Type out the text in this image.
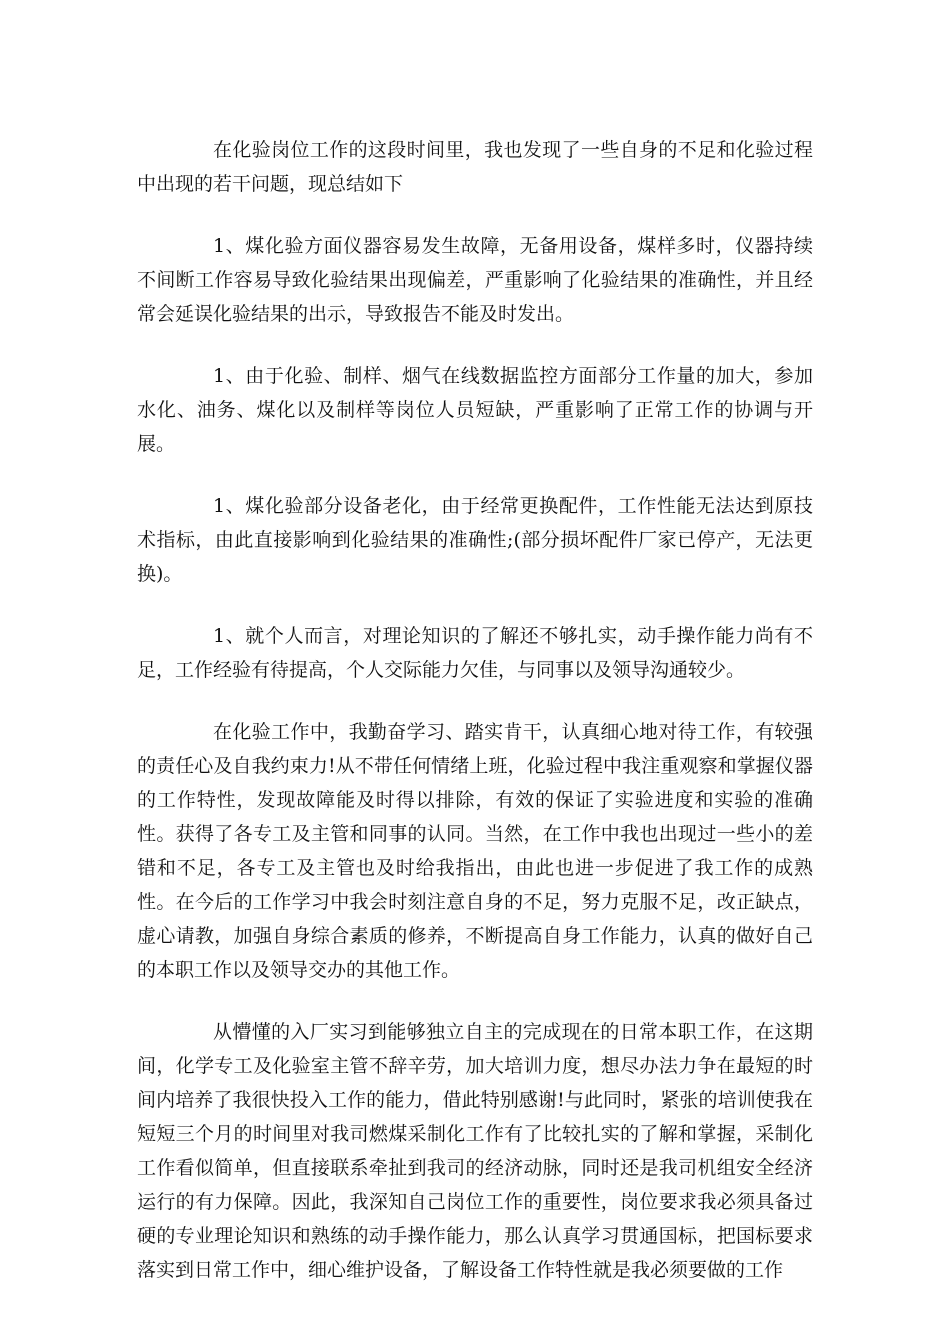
在化验岗位工作的这段时间里，我也发现了一些自身的不足和化验过程中出现的若干问题，现总结如下

1、煤化验方面仪器容易发生故障，无备用设备，煤样多时，仪器持续不间断工作容易导致化验结果出现偏差，严重影响了化验结果的准确性，并且经常会延误化验结果的出示，导致报告不能及时发出。

1、由于化验、制样、烟气在线数据监控方面部分工作量的加大，参加水化、油务、煤化以及制样等岗位人员短缺，严重影响了正常工作的协调与开展。

1、煤化验部分设备老化，由于经常更换配件，工作性能无法达到原技术指标，由此直接影响到化验结果的准确性;(部分损坏配件厂家已停产，无法更换)。

1、就个人而言，对理论知识的了解还不够扎实，动手操作能力尚有不足，工作经验有待提高，个人交际能力欠佳，与同事以及领导沟通较少。

在化验工作中，我勤奋学习、踏实肯干，认真细心地对待工作，有较强的责任心及自我约束力!从不带任何情绪上班，化验过程中我注重观察和掌握仪器的工作特性，发现故障能及时得以排除，有效的保证了实验进度和实验的准确性。获得了各专工及主管和同事的认同。当然，在工作中我也出现过一些小的差错和不足，各专工及主管也及时给我指出，由此也进一步促进了我工作的成熟性。在今后的工作学习中我会时刻注意自身的不足，努力克服不足，改正缺点，虚心请教，加强自身综合素质的修养，不断提高自身工作能力，认真的做好自己的本职工作以及领导交办的其他工作。

从懵懂的入厂实习到能够独立自主的完成现在的日常本职工作，在这期间，化学专工及化验室主管不辞辛劳，加大培训力度，想尽办法力争在最短的时间内培养了我很快投入工作的能力，借此特别感谢!与此同时，紧张的培训使我在短短三个月的时间里对我司燃煤采制化工作有了比较扎实的了解和掌握，采制化工作看似简单，但直接联系牵扯到我司的经济动脉，同时还是我司机组安全经济运行的有力保障。因此，我深知自己岗位工作的重要性，岗位要求我必须具备过硬的专业理论知识和熟练的动手操作能力，那么认真学习贯通国标，把国标要求落实到日常工作中，细心维护设备，了解设备工作特性就是我必须要做的工作
